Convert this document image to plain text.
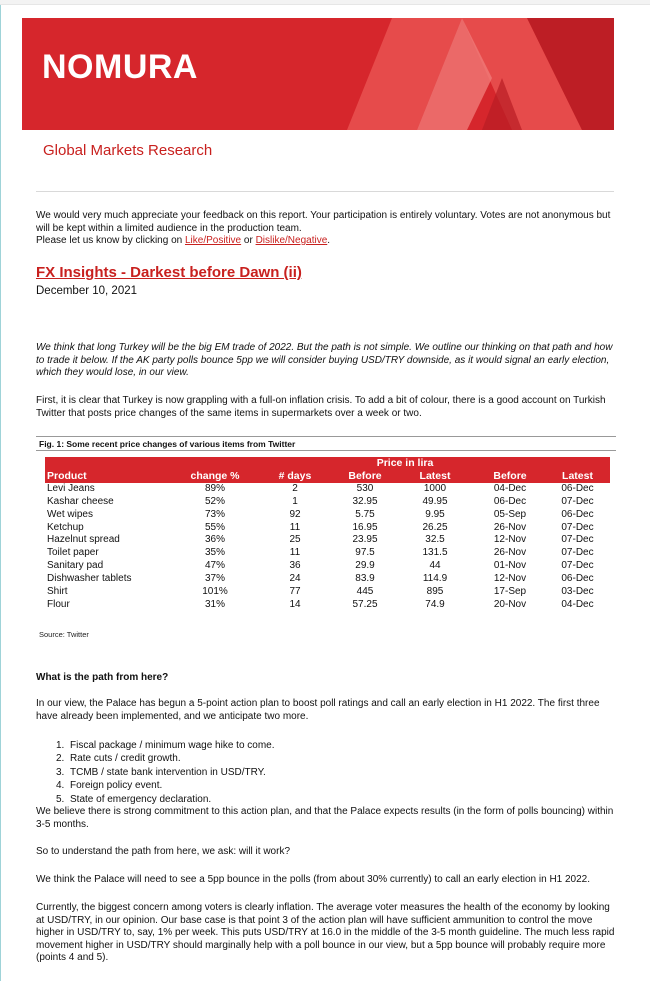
NOMURA
Global Markets Research
We would very much appreciate your feedback on this report. Your participation is entirely voluntary. Votes are not anonymous but will be kept within a limited audience in the production team.
Please let us know by clicking on Like/Positive or Dislike/Negative.
FX Insights - Darkest before Dawn (ii)
December 10, 2021
We think that long Turkey will be the big EM trade of 2022. But the path is not simple. We outline our thinking on that path and how to trade it below. If the AK party polls bounce 5pp we will consider buying USD/TRY downside, as it would signal an early election, which they would lose, in our view.
First, it is clear that Turkey is now grappling with a full-on inflation crisis. To add a bit of colour, there is a good account on Turkish Twitter that posts price changes of the same items in supermarkets over a week or two.
Fig. 1: Some recent price changes of various items from Twitter
			Price in lira			
Product	change %	# days	Before	Latest	Before	Latest
Levi Jeans	89%	2	530	1000	04-Dec	06-Dec
Kashar cheese	52%	1	32.95	49.95	06-Dec	07-Dec
Wet wipes	73%	92	5.75	9.95	05-Sep	06-Dec
Ketchup	55%	11	16.95	26.25	26-Nov	07-Dec
Hazelnut spread	36%	25	23.95	32.5	12-Nov	07-Dec
Toilet paper	35%	11	97.5	131.5	26-Nov	07-Dec
Sanitary pad	47%	36	29.9	44	01-Nov	07-Dec
Dishwasher tablets	37%	24	83.9	114.9	12-Nov	06-Dec
Shirt	101%	77	445	895	17-Sep	03-Dec
Flour	31%	14	57.25	74.9	20-Nov	04-Dec
Source: Twitter
What is the path from here?
In our view, the Palace has begun a 5-point action plan to boost poll ratings and call an early election in H1 2022. The first three have already been implemented, and we anticipate two more.
1. Fiscal package / minimum wage hike to come.
2. Rate cuts / credit growth.
3. TCMB / state bank intervention in USD/TRY.
4. Foreign policy event.
5. State of emergency declaration.
We believe there is strong commitment to this action plan, and that the Palace expects results (in the form of polls bouncing) within 3-5 months.
So to understand the path from here, we ask: will it work?
We think the Palace will need to see a 5pp bounce in the polls (from about 30% currently) to call an early election in H1 2022.
Currently, the biggest concern among voters is clearly inflation. The average voter measures the health of the economy by looking at USD/TRY, in our opinion. Our base case is that point 3 of the action plan will have sufficient ammunition to control the move higher in USD/TRY to, say, 1% per week. This puts USD/TRY at 16.0 in the middle of the 3-5 month guideline. The much less rapid movement higher in USD/TRY should marginally help with a poll bounce in our view, but a 5pp bounce will probably require more (points 4 and 5).
